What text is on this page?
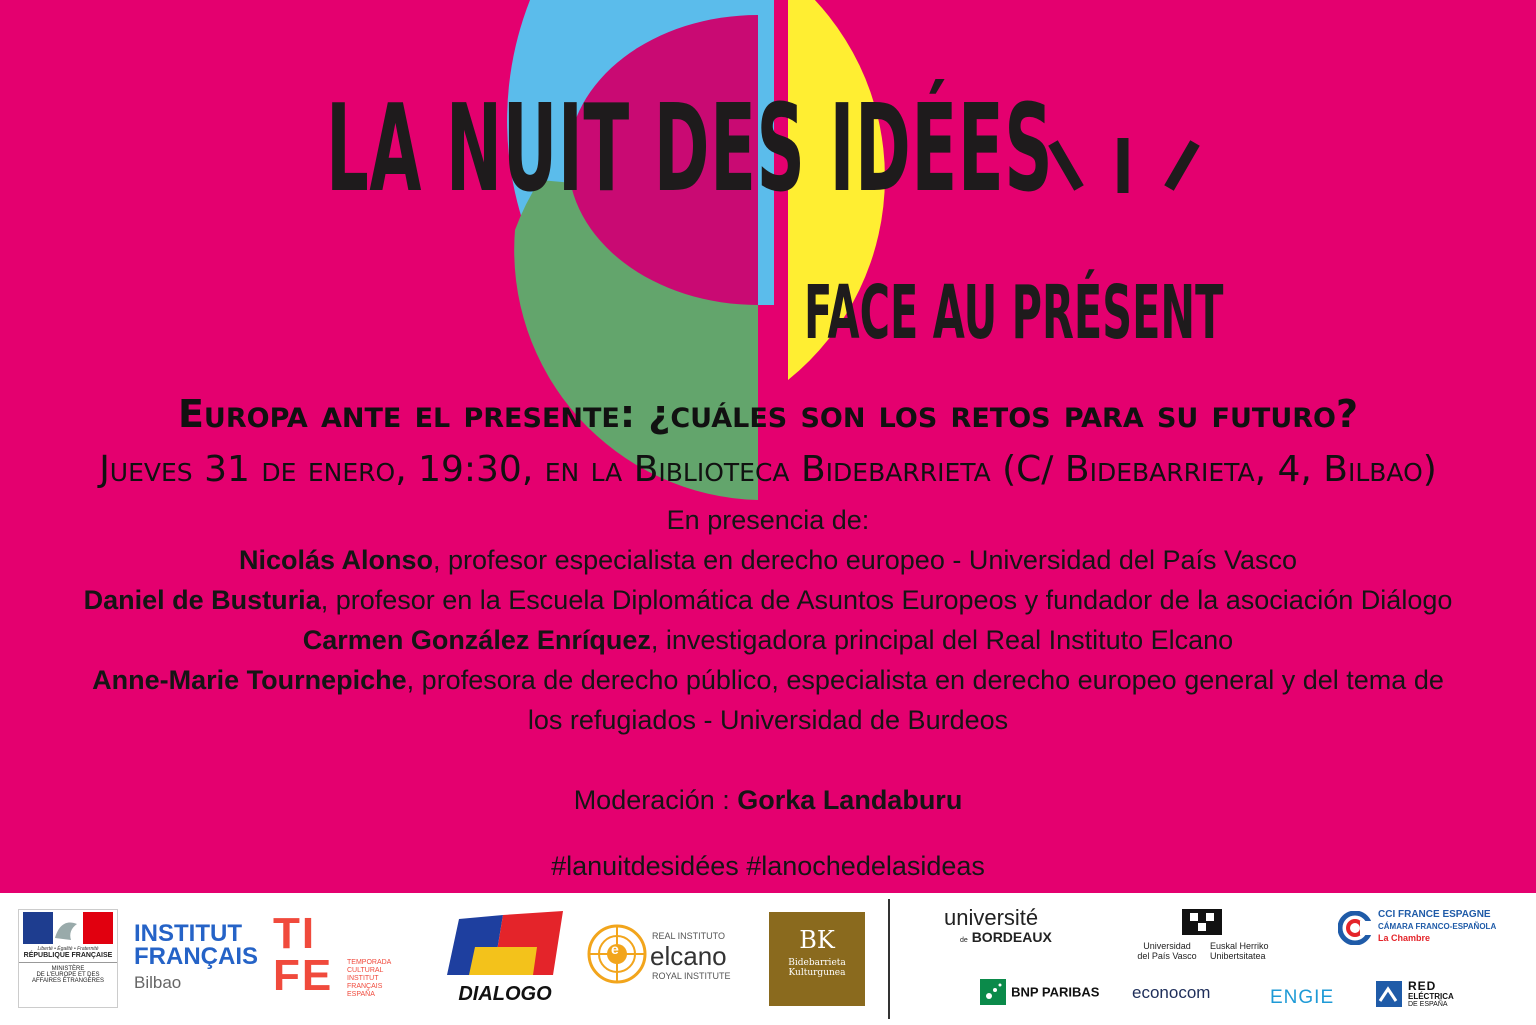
LA NUIT DES IDÉES
FACE AU PRÉSENT
Europa ante el presente: ¿cuáles son los retos para su futuro?
Jueves 31 de enero, 19:30, en la Biblioteca Bidebarrieta (C/ Bidebarrieta, 4, Bilbao)
En presencia de:
Nicolás Alonso, profesor especialista en derecho europeo - Universidad del País Vasco
Daniel de Busturia, profesor en la Escuela Diplomática de Asuntos Europeos y fundador de la asociación Diálogo
Carmen González Enríquez, investigadora principal del Real Instituto Elcano
Anne-Marie Tournepiche, profesora de derecho público, especialista en derecho europeo general y del tema de
los refugiados - Universidad de Burdeos
Moderación : Gorka Landaburu
#lanuitdesidées #lanochedelasideas
Liberté • Égalité • Fraternité
RÉPUBLIQUE FRANÇAISE
MINISTÈRE
DE L'EUROPE ET DES
AFFAIRES ÉTRANGÈRES
INSTITUT
FRANÇAIS
Bilbao
TIFE	TEMPORADA
CULTURAL
INSTITUT
FRANÇAIS
ESPAÑA	DIALOGO
e
REAL INSTITUTO
elcano
ROYAL INSTITUTE
BK
Bidebarrieta
Kulturgunea
université
de BORDEAUX
Universidad
del País Vasco
Euskal Herriko
Unibertsitatea
CCI FRANCE ESPAGNE
CÁMARA FRANCO-ESPAÑOLA
La Chambre
BNP PARIBAS econocom	ENGIE
RED
ELÉCTRICA
DE ESPAÑA
